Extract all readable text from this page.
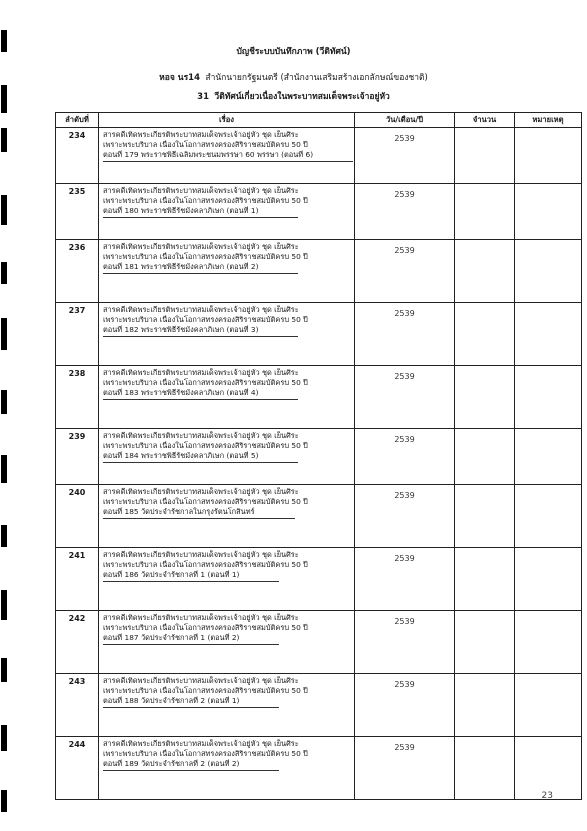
บัญชีระบบบันทึกภาพ (วีดิทัศน์)
หอจ นร14 สำนักนายกรัฐมนตรี (สำนักงานเสริมสร้างเอกลักษณ์ของชาติ)
31 วีดิทัศน์เกี่ยวเนื่องในพระบาทสมเด็จพระเจ้าอยู่หัว
ลำดับที่	เรื่อง	วัน/เดือน/ปี	จำนวน	หมายเหตุ
234	สารคดีเทิดพระเกียรติพระบาทสมเด็จพระเจ้าอยู่หัว ชุด เย็นศิระ
เพราะพระบริบาล เนื่องในโอกาสทรงครองสิริราชสมบัติครบ 50 ปี
ตอนที่ 179 พระราชพิธีเฉลิมพระชนมพรรษา 60 พรรษา (ตอนที่ 6)	2539		
235	สารคดีเทิดพระเกียรติพระบาทสมเด็จพระเจ้าอยู่หัว ชุด เย็นศิระ
เพราะพระบริบาล เนื่องในโอกาสทรงครองสิริราชสมบัติครบ 50 ปี
ตอนที่ 180 พระราชพิธีรัชมังคลาภิเษก (ตอนที่ 1)	2539		
236	สารคดีเทิดพระเกียรติพระบาทสมเด็จพระเจ้าอยู่หัว ชุด เย็นศิระ
เพราะพระบริบาล เนื่องในโอกาสทรงครองสิริราชสมบัติครบ 50 ปี
ตอนที่ 181 พระราชพิธีรัชมังคลาภิเษก (ตอนที่ 2)	2539		
237	สารคดีเทิดพระเกียรติพระบาทสมเด็จพระเจ้าอยู่หัว ชุด เย็นศิระ
เพราะพระบริบาล เนื่องในโอกาสทรงครองสิริราชสมบัติครบ 50 ปี
ตอนที่ 182 พระราชพิธีรัชมังคลาภิเษก (ตอนที่ 3)	2539		
238	สารคดีเทิดพระเกียรติพระบาทสมเด็จพระเจ้าอยู่หัว ชุด เย็นศิระ
เพราะพระบริบาล เนื่องในโอกาสทรงครองสิริราชสมบัติครบ 50 ปี
ตอนที่ 183 พระราชพิธีรัชมังคลาภิเษก (ตอนที่ 4)	2539		
239	สารคดีเทิดพระเกียรติพระบาทสมเด็จพระเจ้าอยู่หัว ชุด เย็นศิระ
เพราะพระบริบาล เนื่องในโอกาสทรงครองสิริราชสมบัติครบ 50 ปี
ตอนที่ 184 พระราชพิธีรัชมังคลาภิเษก (ตอนที่ 5)	2539		
240	สารคดีเทิดพระเกียรติพระบาทสมเด็จพระเจ้าอยู่หัว ชุด เย็นศิระ
เพราะพระบริบาล เนื่องในโอกาสทรงครองสิริราชสมบัติครบ 50 ปี
ตอนที่ 185 วัดประจำรัชกาลในกรุงรัตนโกสินทร์	2539		
241	สารคดีเทิดพระเกียรติพระบาทสมเด็จพระเจ้าอยู่หัว ชุด เย็นศิระ
เพราะพระบริบาล เนื่องในโอกาสทรงครองสิริราชสมบัติครบ 50 ปี
ตอนที่ 186 วัดประจำรัชกาลที่ 1 (ตอนที่ 1)	2539		
242	สารคดีเทิดพระเกียรติพระบาทสมเด็จพระเจ้าอยู่หัว ชุด เย็นศิระ
เพราะพระบริบาล เนื่องในโอกาสทรงครองสิริราชสมบัติครบ 50 ปี
ตอนที่ 187 วัดประจำรัชกาลที่ 1 (ตอนที่ 2)	2539		
243	สารคดีเทิดพระเกียรติพระบาทสมเด็จพระเจ้าอยู่หัว ชุด เย็นศิระ
เพราะพระบริบาล เนื่องในโอกาสทรงครองสิริราชสมบัติครบ 50 ปี
ตอนที่ 188 วัดประจำรัชกาลที่ 2 (ตอนที่ 1)	2539		
244	สารคดีเทิดพระเกียรติพระบาทสมเด็จพระเจ้าอยู่หัว ชุด เย็นศิระ
เพราะพระบริบาล เนื่องในโอกาสทรงครองสิริราชสมบัติครบ 50 ปี
ตอนที่ 189 วัดประจำรัชกาลที่ 2 (ตอนที่ 2)	2539		
23
